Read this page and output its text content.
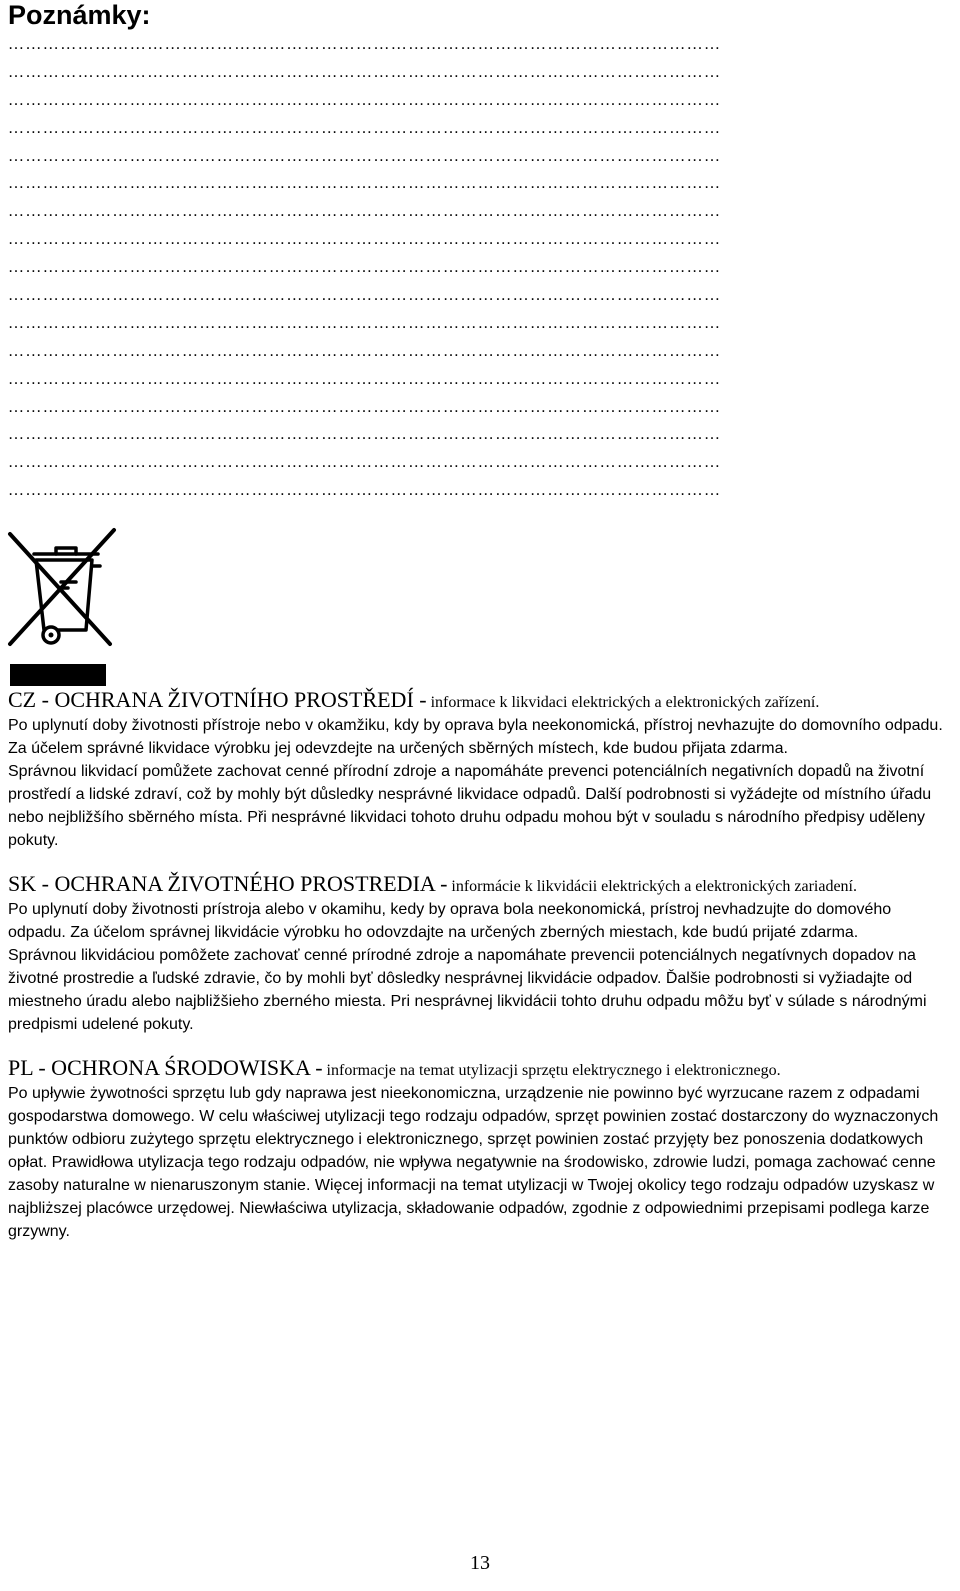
Poznámky:
……………………………………………………………………………………………………………
……………………………………………………………………………………………………………
……………………………………………………………………………………………………………
……………………………………………………………………………………………………………
……………………………………………………………………………………………………………
……………………………………………………………………………………………………………
……………………………………………………………………………………………………………
……………………………………………………………………………………………………………
……………………………………………………………………………………………………………
……………………………………………………………………………………………………………
……………………………………………………………………………………………………………
……………………………………………………………………………………………………………
……………………………………………………………………………………………………………
……………………………………………………………………………………………………………
……………………………………………………………………………………………………………
……………………………………………………………………………………………………………
……………………………………………………………………………………………………………

CZ - OCHRANA ŽIVOTNÍHO PROSTŘEDÍ - informace k likvidaci elektrických a elektronických zařízení.

Po uplynutí doby životnosti přístroje nebo v okamžiku, kdy by oprava byla neekonomická, přístroj nevhazujte do domovního odpadu. Za účelem správné likvidace výrobku jej odevzdejte na určených sběrných místech, kde budou přijata zdarma.

Správnou likvidací pomůžete zachovat cenné přírodní zdroje a napomáháte prevenci potenciálních negativních dopadů na životní prostředí a lidské zdraví, což by mohly být důsledky nesprávné likvidace odpadů. Další podrobnosti si vyžádejte od místního úřadu nebo nejbližšího sběrného místa. Při nesprávné likvidaci tohoto druhu odpadu mohou být v souladu s národního předpisy uděleny pokuty.

SK - OCHRANA ŽIVOTNÉHO PROSTREDIA - informácie k likvidácii elektrických a elektronických zariadení.

Po uplynutí doby životnosti prístroja alebo v okamihu, kedy by oprava bola neekonomická, prístroj nevhadzujte do domového odpadu. Za účelom správnej likvidácie výrobku ho odovzdajte na určených zberných miestach, kde budú prijaté zdarma.

Správnou likvidáciou pomôžete zachovať cenné prírodné zdroje a napomáhate prevencii potenciálnych negatívnych dopadov na životné prostredie a ľudské zdravie, čo by mohli byť dôsledky nesprávnej likvidácie odpadov. Ďalšie podrobnosti si vyžiadajte od miestneho úradu alebo najbližšieho zberného miesta. Pri nesprávnej likvidácii tohto druhu odpadu môžu byť v súlade s národnými predpismi udelené pokuty.

PL - OCHRONA ŚRODOWISKA - informacje na temat utylizacji sprzętu elektrycznego i elektronicznego.

Po upływie żywotności sprzętu lub gdy naprawa jest nieekonomiczna, urządzenie nie powinno być wyrzucane razem z odpadami gospodarstwa domowego. W celu właściwej utylizacji tego rodzaju odpadów, sprzęt powinien zostać dostarczony do wyznaczonych punktów odbioru zużytego sprzętu elektrycznego i elektronicznego, sprzęt powinien zostać przyjęty bez ponoszenia dodatkowych opłat. Prawidłowa utylizacja tego rodzaju odpadów, nie wpływa negatywnie na środowisko, zdrowie ludzi, pomaga zachować cenne zasoby naturalne w nienaruszonym stanie. Więcej informacji na temat utylizacji w Twojej okolicy tego rodzaju odpadów uzyskasz w najbliższej placówce urzędowej. Niewłaściwa utylizacja, składowanie odpadów, zgodnie z odpowiednimi przepisami podlega karze grzywny.

13
